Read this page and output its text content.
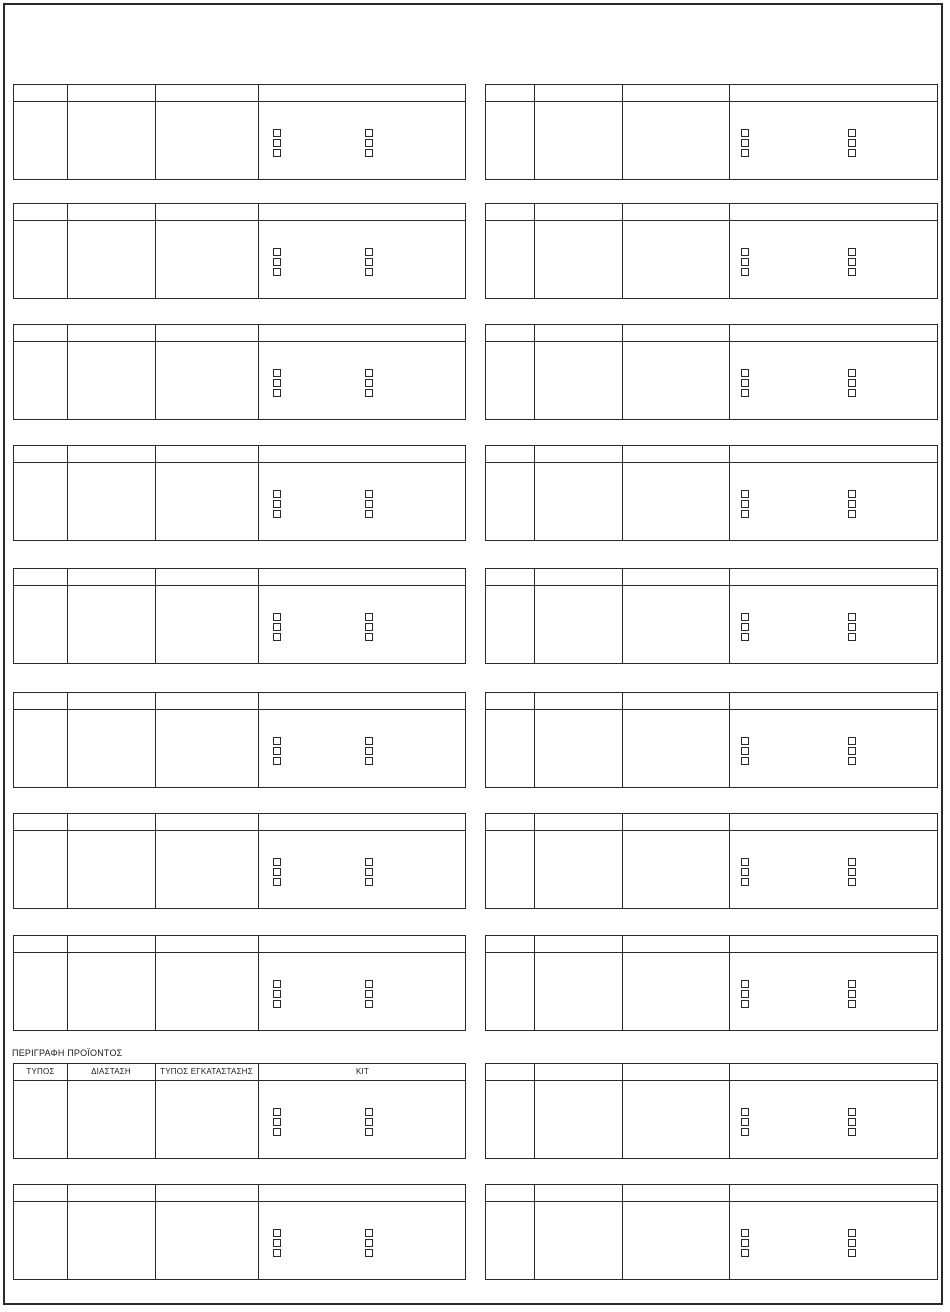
ΤΥΠΟΣ	ΔΙΑΣΤΑΣΗ	ΤΥΠΟΣ ΕΓΚΑΤΑΣΤΑΣΗΣ	ΚΙΤ
ΠΕΡΙΓΡΑΦΗ ΠΡΟΪΟΝΤΟΣ
